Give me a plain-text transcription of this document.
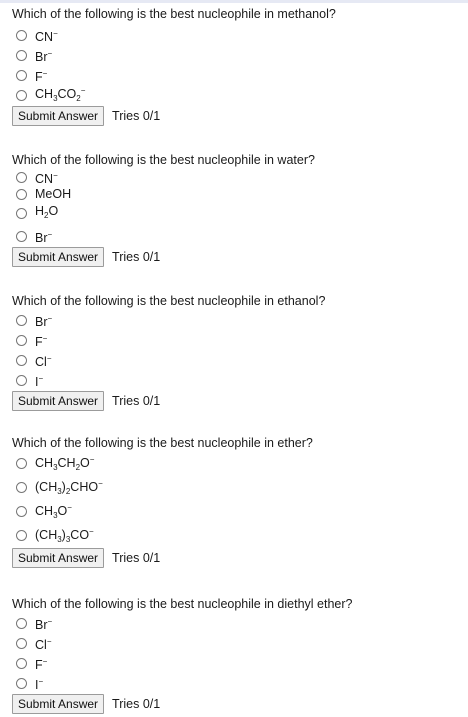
Which of the following is the best nucleophile in methanol?
CN−
Br−
F−
$CH_3CO_2^-$
Submit Answer	Tries 0/1
Which of the following is the best nucleophile in water?
CN−
MeOH
$H_2O$
Br−
Submit Answer	Tries 0/1
Which of the following is the best nucleophile in ethanol?
Br−
F−
Cl−
I−
Submit Answer	Tries 0/1
Which of the following is the best nucleophile in ether?
$CH_3CH_2O^-$
$(CH_3)_2CHO^-$
$CH_3O^-$
$(CH_3)_3CO^-$
Submit Answer	Tries 0/1
Which of the following is the best nucleophile in diethyl ether?
Br−
Cl−
F−
I−
Submit Answer	Tries 0/1
